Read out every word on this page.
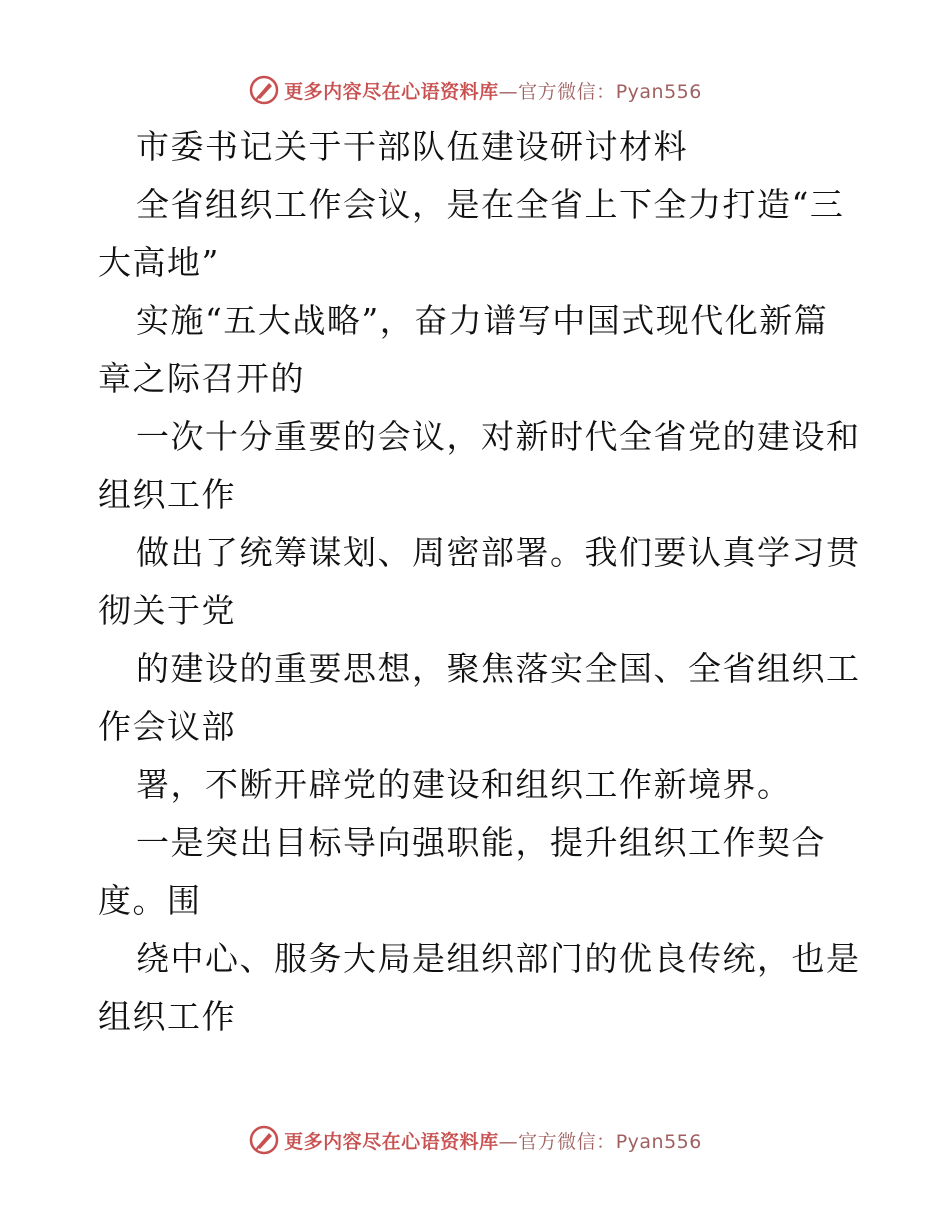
更多内容尽在心语资料库—官方微信：Pyan556
市委书记关于干部队伍建设研讨材料
全省组织工作会议，是在全省上下全力打造“三
大高地”
实施“五大战略”，奋力谱写中国式现代化新篇
章之际召开的
一次十分重要的会议，对新时代全省党的建设和
组织工作
做出了统筹谋划、周密部署。我们要认真学习贯
彻关于党
的建设的重要思想，聚焦落实全国、全省组织工
作会议部
署，不断开辟党的建设和组织工作新境界。
一是突出目标导向强职能，提升组织工作契合
度。围
绕中心、服务大局是组织部门的优良传统，也是
组织工作
更多内容尽在心语资料库—官方微信：Pyan556
